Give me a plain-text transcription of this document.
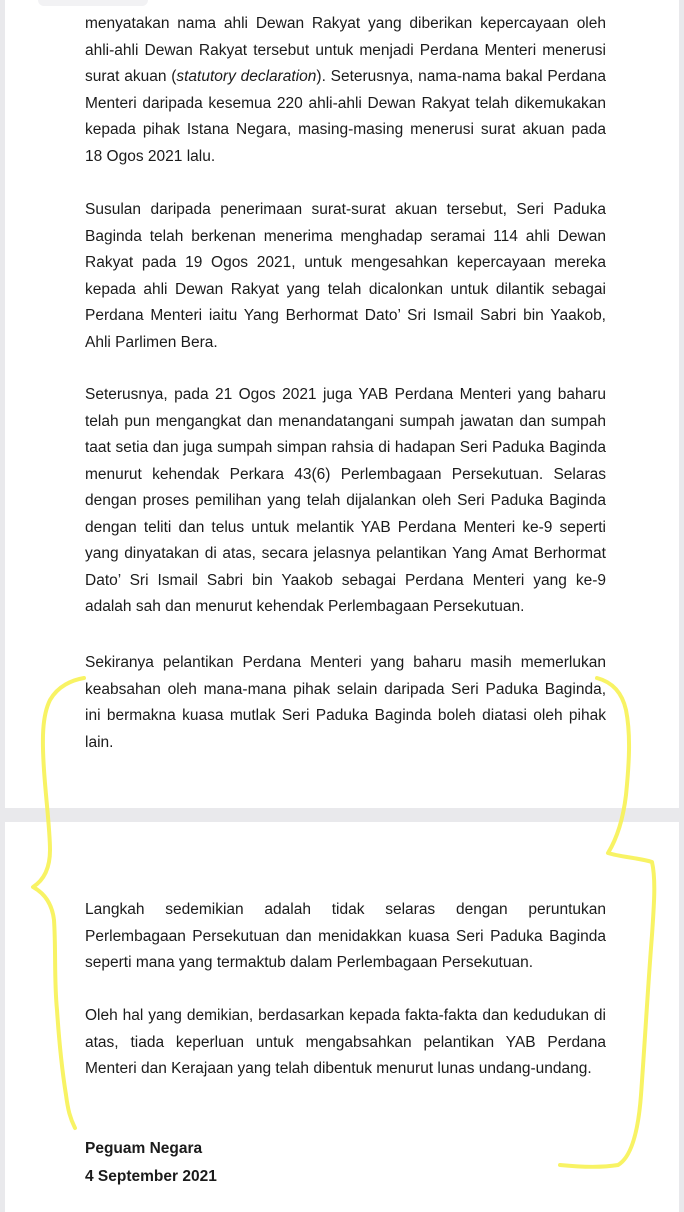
menyatakan nama ahli Dewan Rakyat yang diberikan kepercayaan oleh ahli-ahli Dewan Rakyat tersebut untuk menjadi Perdana Menteri menerusi surat akuan (statutory declaration). Seterusnya, nama-nama bakal Perdana Menteri daripada kesemua 220 ahli-ahli Dewan Rakyat telah dikemukakan kepada pihak Istana Negara, masing-masing menerusi surat akuan pada 18 Ogos 2021 lalu.

Susulan daripada penerimaan surat-surat akuan tersebut, Seri Paduka Baginda telah berkenan menerima menghadap seramai 114 ahli Dewan Rakyat pada 19 Ogos 2021, untuk mengesahkan kepercayaan mereka kepada ahli Dewan Rakyat yang telah dicalonkan untuk dilantik sebagai Perdana Menteri iaitu Yang Berhormat Dato’ Sri Ismail Sabri bin Yaakob, Ahli Parlimen Bera.

Seterusnya, pada 21 Ogos 2021 juga YAB Perdana Menteri yang baharu telah pun mengangkat dan menandatangani sumpah jawatan dan sumpah taat setia dan juga sumpah simpan rahsia di hadapan Seri Paduka Baginda menurut kehendak Perkara 43(6) Perlembagaan Persekutuan. Selaras dengan proses pemilihan yang telah dijalankan oleh Seri Paduka Baginda dengan teliti dan telus untuk melantik YAB Perdana Menteri ke-9 seperti yang dinyatakan di atas, secara jelasnya pelantikan Yang Amat Berhormat Dato’ Sri Ismail Sabri bin Yaakob sebagai Perdana Menteri yang ke-9 adalah sah dan menurut kehendak Perlembagaan Persekutuan.

Sekiranya pelantikan Perdana Menteri yang baharu masih memerlukan keabsahan oleh mana-mana pihak selain daripada Seri Paduka Baginda, ini bermakna kuasa mutlak Seri Paduka Baginda boleh diatasi oleh pihak lain.

Langkah sedemikian adalah tidak selaras dengan peruntukan Perlembagaan Persekutuan dan menidakkan kuasa Seri Paduka Baginda seperti mana yang termaktub dalam Perlembagaan Persekutuan.

Oleh hal yang demikian, berdasarkan kepada fakta-fakta dan kedudukan di atas, tiada keperluan untuk mengabsahkan pelantikan YAB Perdana Menteri dan Kerajaan yang telah dibentuk menurut lunas undang-undang.

Peguam Negara

4 September 2021
